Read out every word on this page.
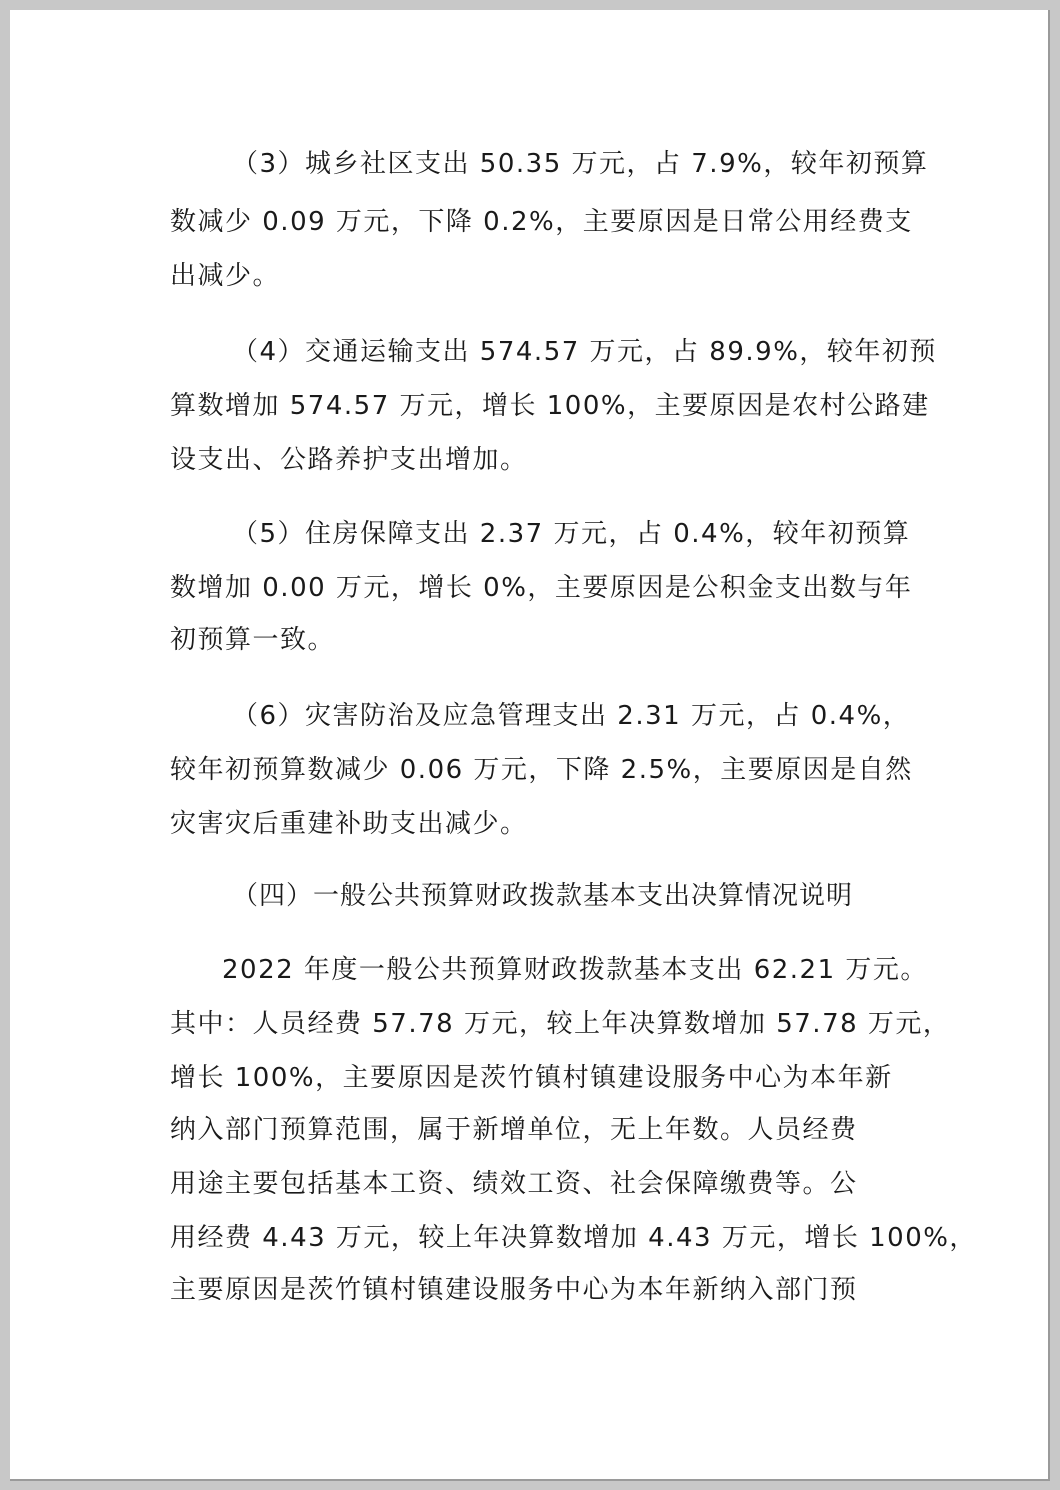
（3）城乡社区支出 50.35 万元，占 7.9%，较年初预算

数减少 0.09 万元，下降 0.2%，主要原因是日常公用经费支

出减少。

（4）交通运输支出 574.57 万元，占 89.9%，较年初预

算数增加 574.57 万元，增长 100%，主要原因是农村公路建

设支出、公路养护支出增加。

（5）住房保障支出 2.37 万元，占 0.4%，较年初预算

数增加 0.00 万元，增长 0%，主要原因是公积金支出数与年

初预算一致。

（6）灾害防治及应急管理支出 2.31 万元，占 0.4%，

较年初预算数减少 0.06 万元，下降 2.5%，主要原因是自然

灾害灾后重建补助支出减少。

（四）一般公共预算财政拨款基本支出决算情况说明

2022 年度一般公共预算财政拨款基本支出 62.21 万元。

其中：人员经费 57.78 万元，较上年决算数增加 57.78 万元，

增长 100%，主要原因是茨竹镇村镇建设服务中心为本年新

纳入部门预算范围，属于新增单位，无上年数。人员经费

用途主要包括基本工资、绩效工资、社会保障缴费等。公

用经费 4.43 万元，较上年决算数增加 4.43 万元，增长 100%，

主要原因是茨竹镇村镇建设服务中心为本年新纳入部门预
